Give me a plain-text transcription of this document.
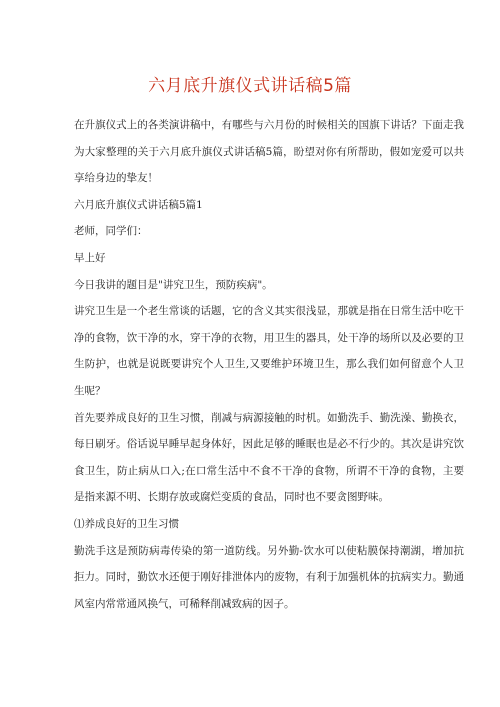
六月底升旗仪式讲话稿5篇

在升旗仪式上的各类演讲稿中，有哪些与六月份的时候相关的国旗下讲话？下面走我为大家整理的关于六月底升旗仪式讲话稿5篇，盼望对你有所帮助，假如宠爱可以共享给身边的挚友！

六月底升旗仪式讲话稿5篇1

老师，同学们：

早上好

今日我讲的题目是"讲究卫生，预防疾病"。

讲究卫生是一个老生常谈的话题，它的含义其实很浅显，那就是指在日常生活中吃干净的食物，饮干净的水，穿干净的衣物，用卫生的器具，处干净的场所以及必要的卫生防护，也就是说既要讲究个人卫生,又要维护环境卫生，那么我们如何留意个人卫生呢？

首先要养成良好的卫生习惯，削减与病源接触的时机。如勤洗手、勤洗澡、勤换衣，每日刷牙。俗话说早睡早起身体好，因此足够的睡眠也是必不行少的。其次是讲究饮食卫生，防止病从口入;在口常生活中不食不干净的食物，所谓不干净的食物，主要是指来源不明、长期存放或腐烂变质的食品，同时也不要贪图野味。

⑴养成良好的卫生习惯

勤洗手这是预防病毒传染的第一道防线。另外勤-饮水可以使粘膜保持潮湖，增加抗拒力。同时，勤饮水还便于刚好排泄体内的废物，有利于加强机体的抗病实力。勤通风室内常常通风换气，可稀释削减致病的因子。
